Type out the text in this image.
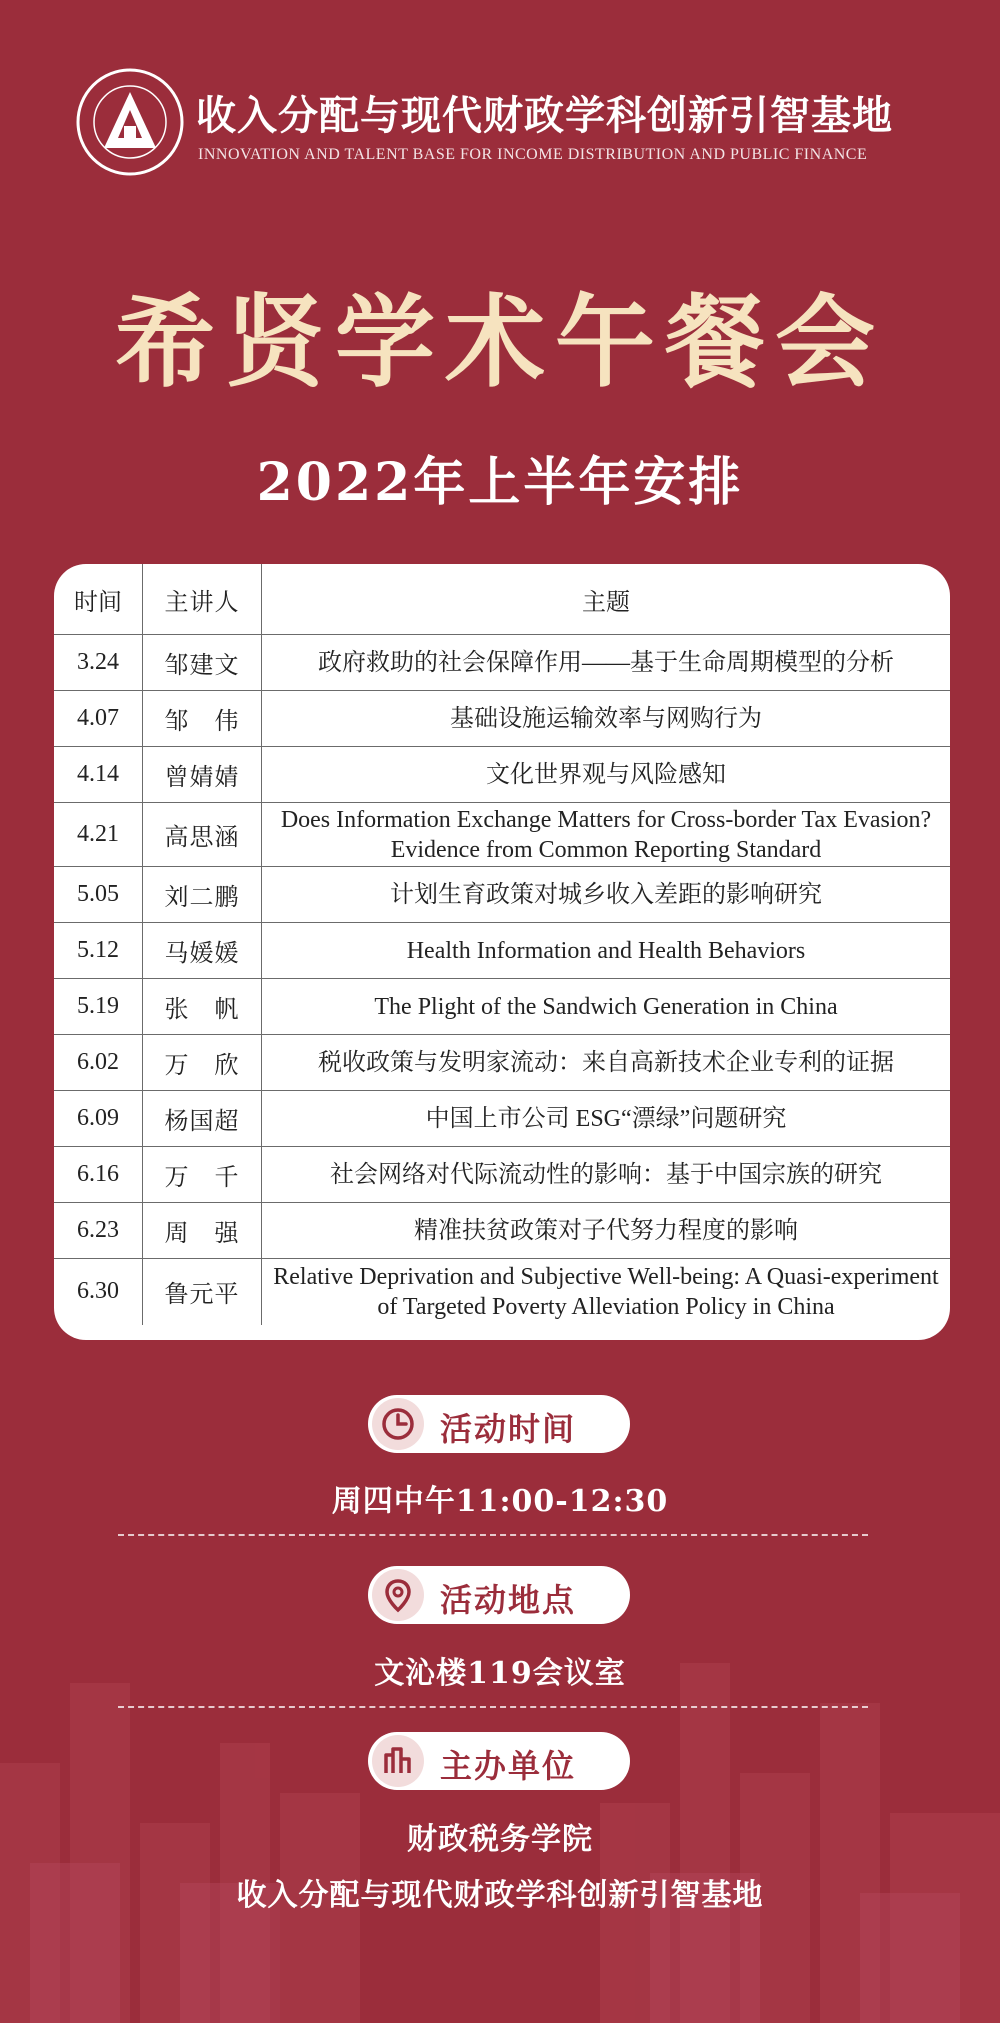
收入分配与现代财政学科创新引智基地
INNOVATION AND TALENT BASE FOR INCOME DISTRIBUTION AND PUBLIC FINANCE
希贤学术午餐会
2022年上半年安排
时间	主讲人	主题
3.24	邹建文	政府救助的社会保障作用——基于生命周期模型的分析
4.07	邹　伟	基础设施运输效率与网购行为
4.14	曾婧婧	文化世界观与风险感知
4.21	高思涵	Does Information Exchange Matters for Cross-border Tax Evasion?　Evidence from Common Reporting Standard
5.05	刘二鹏	计划生育政策对城乡收入差距的影响研究
5.12	马媛媛	Health Information and Health Behaviors
5.19	张　帆	The Plight of the Sandwich Generation in China
6.02	万　欣	税收政策与发明家流动：来自高新技术企业专利的证据
6.09	杨国超	中国上市公司 ESG“漂绿”问题研究
6.16	万　千	社会网络对代际流动性的影响：基于中国宗族的研究
6.23	周　强	精准扶贫政策对子代努力程度的影响
6.30	鲁元平	Relative Deprivation and Subjective Well-being: A Quasi-experiment of Targeted Poverty Alleviation Policy in China
活动时间
周四中午11:00-12:30
活动地点
文沁楼119会议室
主办单位
财政税务学院
收入分配与现代财政学科创新引智基地
